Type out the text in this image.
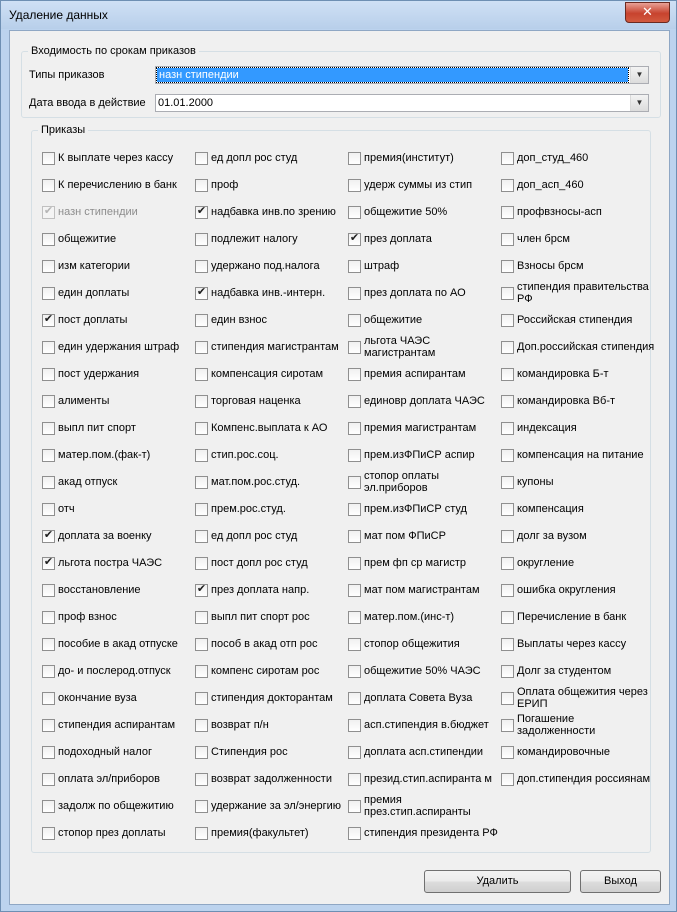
Удаление данных	✕
Входимость по срокам приказов
Типы приказов	назн стипендии	▼
Дата ввода в действие 01.01.2000	▼
Приказы
К выплате через кассу
К перечислению в банк
✔ назн стипендии
общежитие
изм категории
един доплаты
✔ пост доплаты
един удержания штраф
пост удержания
алименты
выпл пит спорт
матер.пом.(фак-т)
акад отпуск
отч
✔ доплата за военку
✔ льгота постра ЧАЭС
восстановление
проф взнос
пособие в акад отпуске
до- и послерод.отпуск
окончание вуза
стипендия аспирантам
подоходный налог
оплата эл/приборов
задолж по общежитию
стопор през доплаты
ед допл рос студ
проф
✔ надбавка инв.по зрению
подлежит налогу
удержано под.налога
✔ надбавка инв.-интерн.
един взнос
стипендия магистрантам
компенсация сиротам
торговая наценка
Компенс.выплата к АО
стип.рос.соц.
мат.пом.рос.студ.
прем.рос.студ.
ед допл рос студ
пост допл рос студ
✔ през доплата напр.
выпл пит спорт рос
пособ в акад отп рос
компенс сиротам рос
стипендия докторантам
возврат п/н
Стипендия рос
возврат задолженности
удержание за эл/энергию
премия(факультет)
премия(институт)
удерж суммы из стип
общежитие 50%
✔ през доплата
штраф
през доплата по АО
общежитие
льгота ЧАЭС магистрантам
премия аспирантам
единовр доплата ЧАЭС
премия магистрантам
прем.изФПиСР аспир
стопор оплаты эл.приборов
прем.изФПиСР студ
мат пом ФПиСР
прем фп ср магистр
мат пом магистрантам
матер.пом.(инс-т)
стопор общежития
общежитие 50% ЧАЭС
доплата Совета Вуза
асп.стипендия в.бюджет
доплата асп.стипендии
презид.стип.аспиранта м
премия през.стип.аспиранты
стипендия президента РФ
доп_студ_460
доп_асп_460
профвзносы-асп
член брсм
Взносы брсм
стипендия правительства РФ
Российская стипендия
Доп.российская стипендия
командировка Б-т
командировка Вб-т
индексация
компенсация на питание
купоны
компенсация
долг за вузом
округление
ошибка округления
Перечисление в банк
Выплаты через кассу
Долг за студентом
Оплата общежития через ЕРИП
Погашение задолженности
командировочные
доп.стипендия россиянам
Удалить	Выход
